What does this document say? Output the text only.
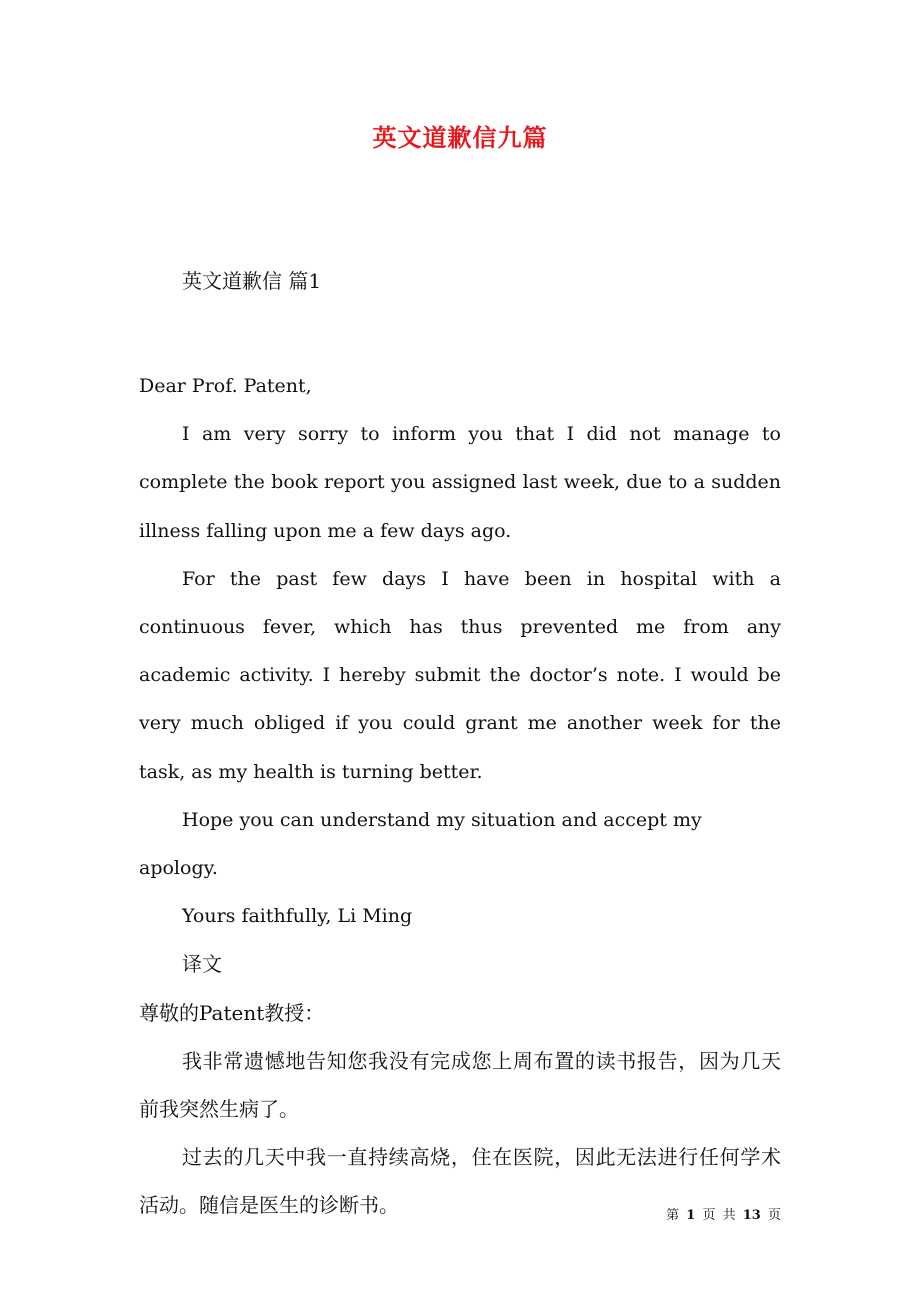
英文道歉信九篇
英文道歉信 篇1

Dear Prof. Patent,

I am very sorry to inform you that I did not manage to complete the book report you assigned last week, due to a sudden illness falling upon me a few days ago.

For the past few days I have been in hospital with a continuous fever, which has thus prevented me from any academic activity. I hereby submit the doctor’s note. I would be very much obliged if you could grant me another week for the task, as my health is turning better.

Hope you can understand my situation and accept my apology.

Yours faithfully, Li Ming

译文

尊敬的Patent教授：

我非常遗憾地告知您我没有完成您上周布置的读书报告，因为几天前我突然生病了。

过去的几天中我一直持续高烧，住在医院，因此无法进行任何学术活动。随信是医生的诊断书。	第 1 页 共 13 页
